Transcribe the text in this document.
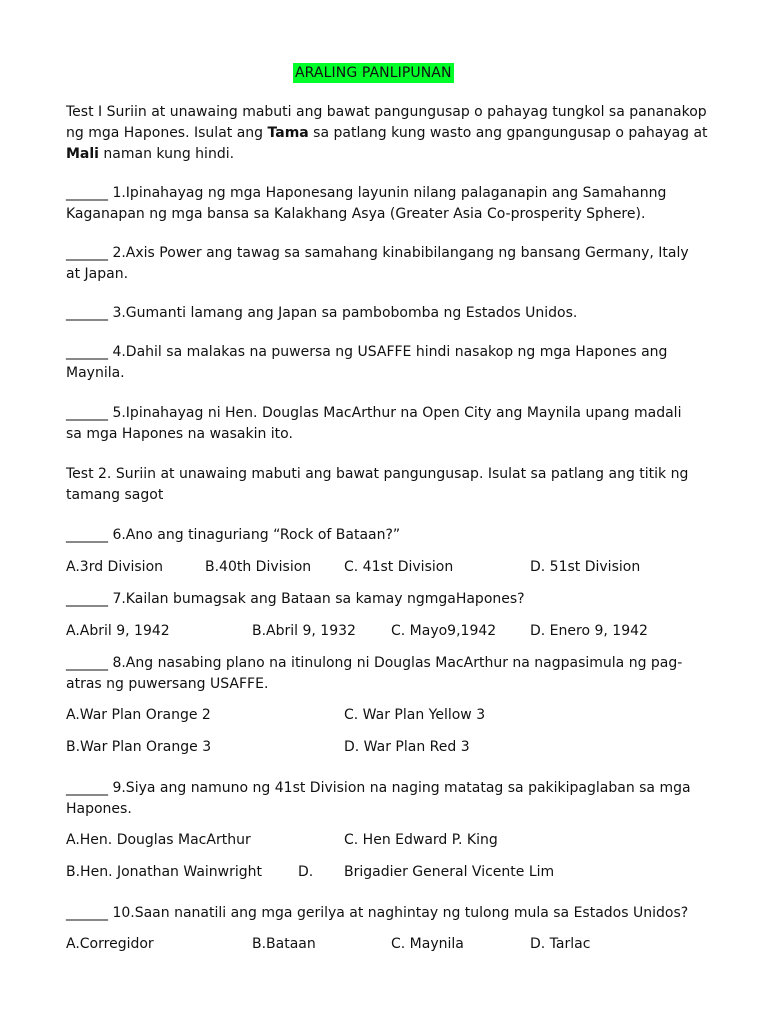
ARALING PANLIPUNAN
Test I Suriin at unawaing mabuti ang bawat pangungusap o pahayag tungkol sa pananakop
ng mga Hapones. Isulat ang Tama sa patlang kung wasto ang gpangungusap o pahayag at
Mali naman kung hindi.
______ 1.Ipinahayag ng mga Haponesang layunin nilang palaganapin ang Samahanng
Kaganapan ng mga bansa sa Kalakhang Asya (Greater Asia Co-prosperity Sphere).
______ 2.Axis Power ang tawag sa samahang kinabibilangang ng bansang Germany, Italy
at Japan.
______ 3.Gumanti lamang ang Japan sa pambobomba ng Estados Unidos.
______ 4.Dahil sa malakas na puwersa ng USAFFE hindi nasakop ng mga Hapones ang
Maynila.
______ 5.Ipinahayag ni Hen. Douglas MacArthur na Open City ang Maynila upang madali
sa mga Hapones na wasakin ito.
Test 2. Suriin at unawaing mabuti ang bawat pangungusap. Isulat sa patlang ang titik ng
tamang sagot
______ 6.Ano ang tinaguriang “Rock of Bataan?”
A.3rd Division	B.40th Division C. 41st Division	D. 51st Division
______ 7.Kailan bumagsak ang Bataan sa kamay ngmgaHapones?
A.Abril 9, 1942	B.Abril 9, 1932	C. Mayo9,1942 D. Enero 9, 1942
______ 8.Ang nasabing plano na itinulong ni Douglas MacArthur na nagpasimula ng pag-
atras ng puwersang USAFFE.
A.War Plan Orange 2	C. War Plan Yellow 3
B.War Plan Orange 3	D. War Plan Red 3
______ 9.Siya ang namuno ng 41st Division na naging matatag sa pakikipaglaban sa mga
Hapones.
A.Hen. Douglas MacArthur	C. Hen Edward P. King
B.Hen. Jonathan Wainwright	D. Brigadier General Vicente Lim
______ 10.Saan nanatili ang mga gerilya at naghintay ng tulong mula sa Estados Unidos?
A.Corregidor	B.Bataan	C. Maynila	D. Tarlac
